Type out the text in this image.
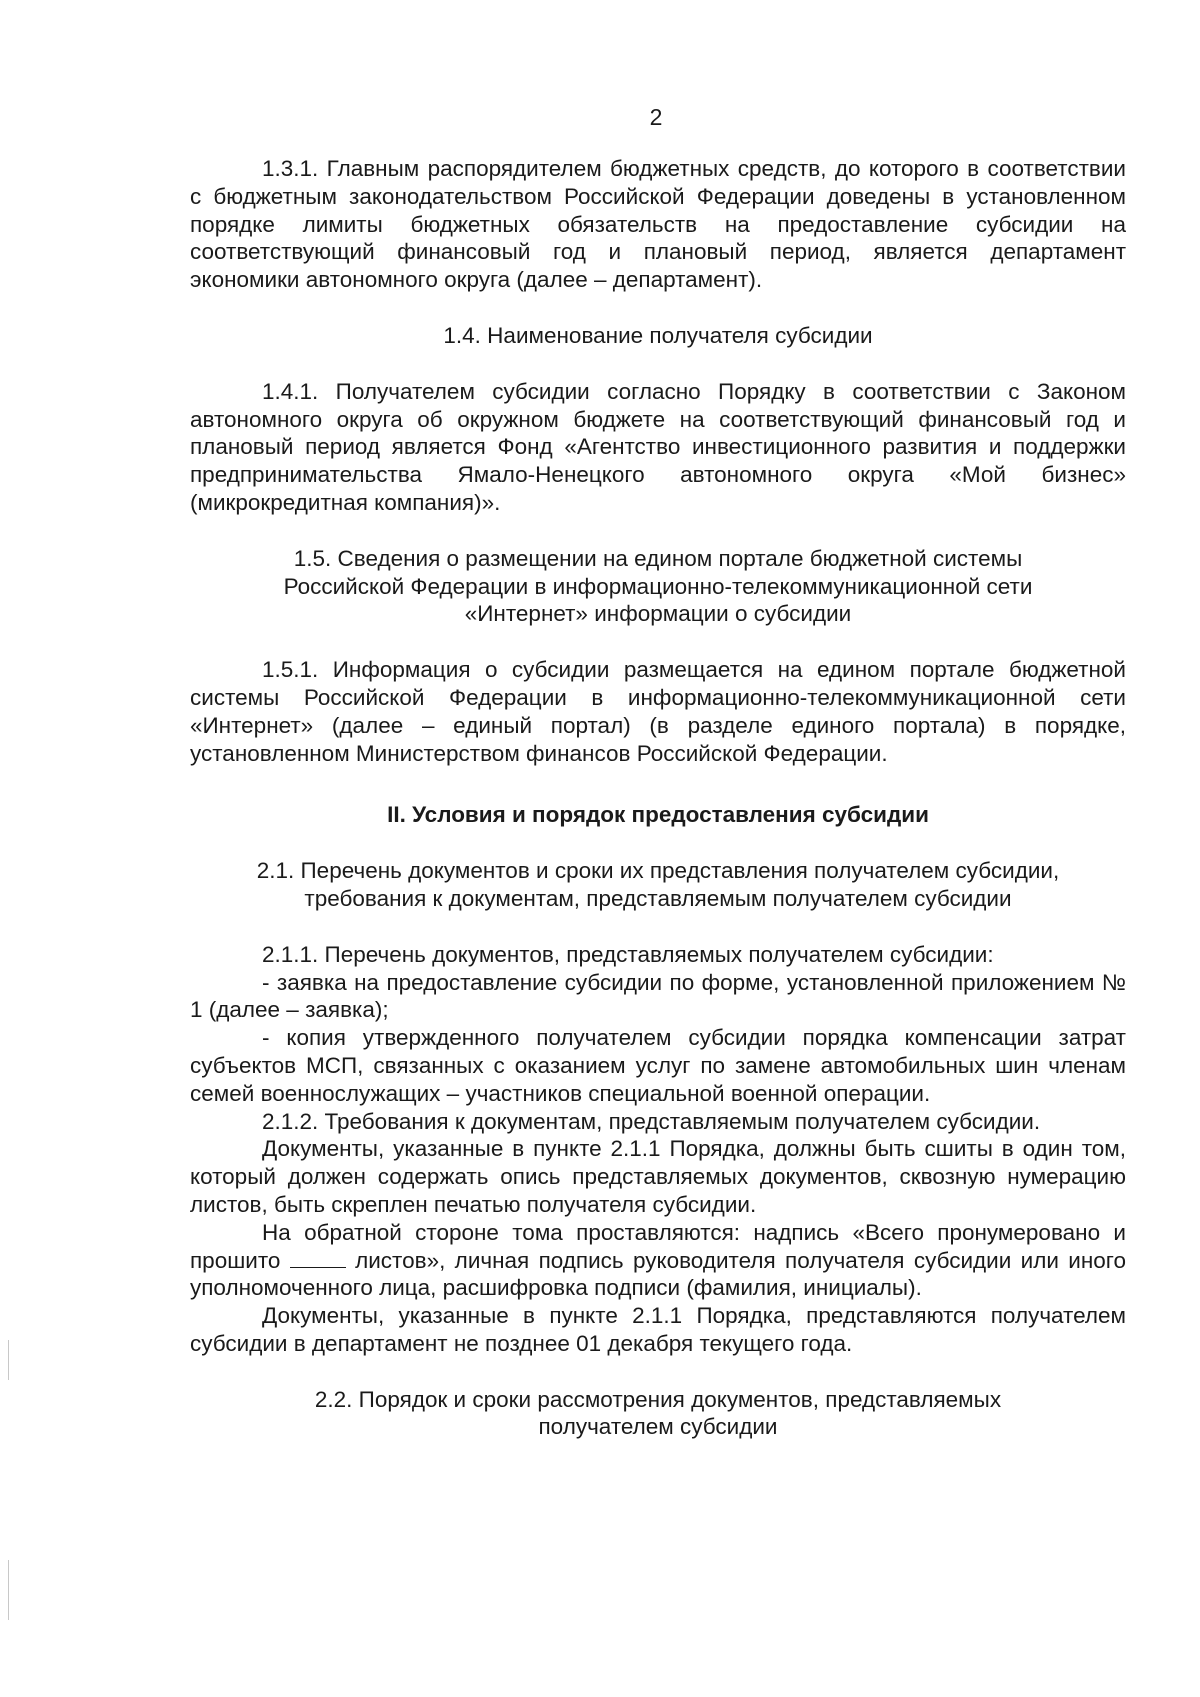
2

1.3.1. Главным распорядителем бюджетных средств, до которого в соответствии с бюджетным законодательством Российской Федерации доведены в установленном порядке лимиты бюджетных обязательств на предоставление субсидии на соответствующий финансовый год и плановый период, является департамент экономики автономного округа (далее – департамент).

1.4. Наименование получателя субсидии

1.4.1. Получателем субсидии согласно Порядку в соответствии с Законом автономного округа об окружном бюджете на соответствующий финансовый год и плановый период является Фонд «Агентство инвестиционного развития и поддержки предпринимательства Ямало-Ненецкого автономного округа «Мой бизнес» (микрокредитная компания)».

1.5. Сведения о размещении на едином портале бюджетной системы

Российской Федерации в информационно-телекоммуникационной сети

«Интернет» информации о субсидии

1.5.1. Информация о субсидии размещается на едином портале бюджетной системы Российской Федерации в информационно-телекоммуникационной сети «Интернет» (далее – единый портал) (в разделе единого портала) в порядке, установленном Министерством финансов Российской Федерации.

II. Условия и порядок предоставления субсидии

2.1. Перечень документов и сроки их представления получателем субсидии,

требования к документам, представляемым получателем субсидии

2.1.1. Перечень документов, представляемых получателем субсидии:

- заявка на предоставление субсидии по форме, установленной приложением № 1 (далее – заявка);

- копия утвержденного получателем субсидии порядка компенсации затрат субъектов МСП, связанных с оказанием услуг по замене автомобильных шин членам семей военнослужащих – участников специальной военной операции.

2.1.2. Требования к документам, представляемым получателем субсидии.

Документы, указанные в пункте 2.1.1 Порядка, должны быть сшиты в один том, который должен содержать опись представляемых документов, сквозную нумерацию листов, быть скреплен печатью получателя субсидии.

На обратной стороне тома проставляются: надпись «Всего пронумеровано и прошито  листов», личная подпись руководителя получателя субсидии или иного уполномоченного лица, расшифровка подписи (фамилия, инициалы).

Документы, указанные в пункте 2.1.1 Порядка, представляются получателем субсидии в департамент не позднее 01 декабря текущего года.

2.2. Порядок и сроки рассмотрения документов, представляемых

получателем субсидии
